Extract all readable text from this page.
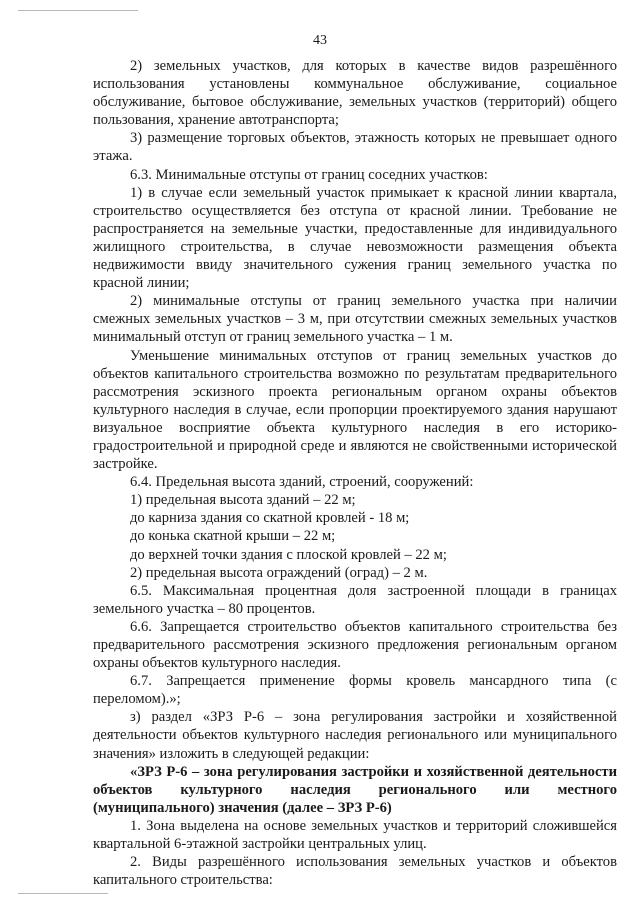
43

2) земельных участков, для которых в качестве видов разрешённого использования установлены коммунальное обслуживание, социальное обслуживание, бытовое обслуживание, земельных участков (территорий) общего пользования, хранение автотранспорта;

3) размещение торговых объектов, этажность которых не превышает одного этажа.

6.3. Минимальные отступы от границ соседних участков:

1) в случае если земельный участок примыкает к красной линии квартала, строительство осуществляется без отступа от красной линии. Требование не распространяется на земельные участки, предоставленные для индивидуального жилищного строительства, в случае невозможности размещения объекта недвижимости ввиду значительного сужения границ земельного участка по красной линии;

2) минимальные отступы от границ земельного участка при наличии смежных земельных участков – 3 м, при отсутствии смежных земельных участков минимальный отступ от границ земельного участка – 1 м.

Уменьшение минимальных отступов от границ земельных участков до объектов капитального строительства возможно по результатам предварительного рассмотрения эскизного проекта региональным органом охраны объектов культурного наследия в случае, если пропорции проектируемого здания нарушают визуальное восприятие объекта культурного наследия в его историко-градостроительной и природной среде и являются не свойственными исторической застройке.

6.4. Предельная высота зданий, строений, сооружений:

1) предельная высота зданий – 22 м;

до карниза здания со скатной кровлей - 18 м;

до конька скатной крыши – 22 м;

до верхней точки здания с плоской кровлей – 22 м;

2) предельная высота ограждений (оград) – 2 м.

6.5. Максимальная процентная доля застроенной площади в границах земельного участка – 80 процентов.

6.6. Запрещается строительство объектов капитального строительства без предварительного рассмотрения эскизного предложения региональным органом охраны объектов культурного наследия.

6.7. Запрещается применение формы кровель мансардного типа (с переломом).»;

з) раздел «ЗРЗ Р-6 – зона регулирования застройки и хозяйственной деятельности объектов культурного наследия регионального или муниципального значения» изложить в следующей редакции:

«ЗРЗ Р-6 – зона регулирования застройки и хозяйственной деятельности объектов культурного наследия регионального или местного (муниципального) значения (далее – ЗРЗ Р-6)

1. Зона выделена на основе земельных участков и территорий сложившейся квартальной 6-этажной застройки центральных улиц.

2. Виды разрешённого использования земельных участков и объектов капитального строительства:
